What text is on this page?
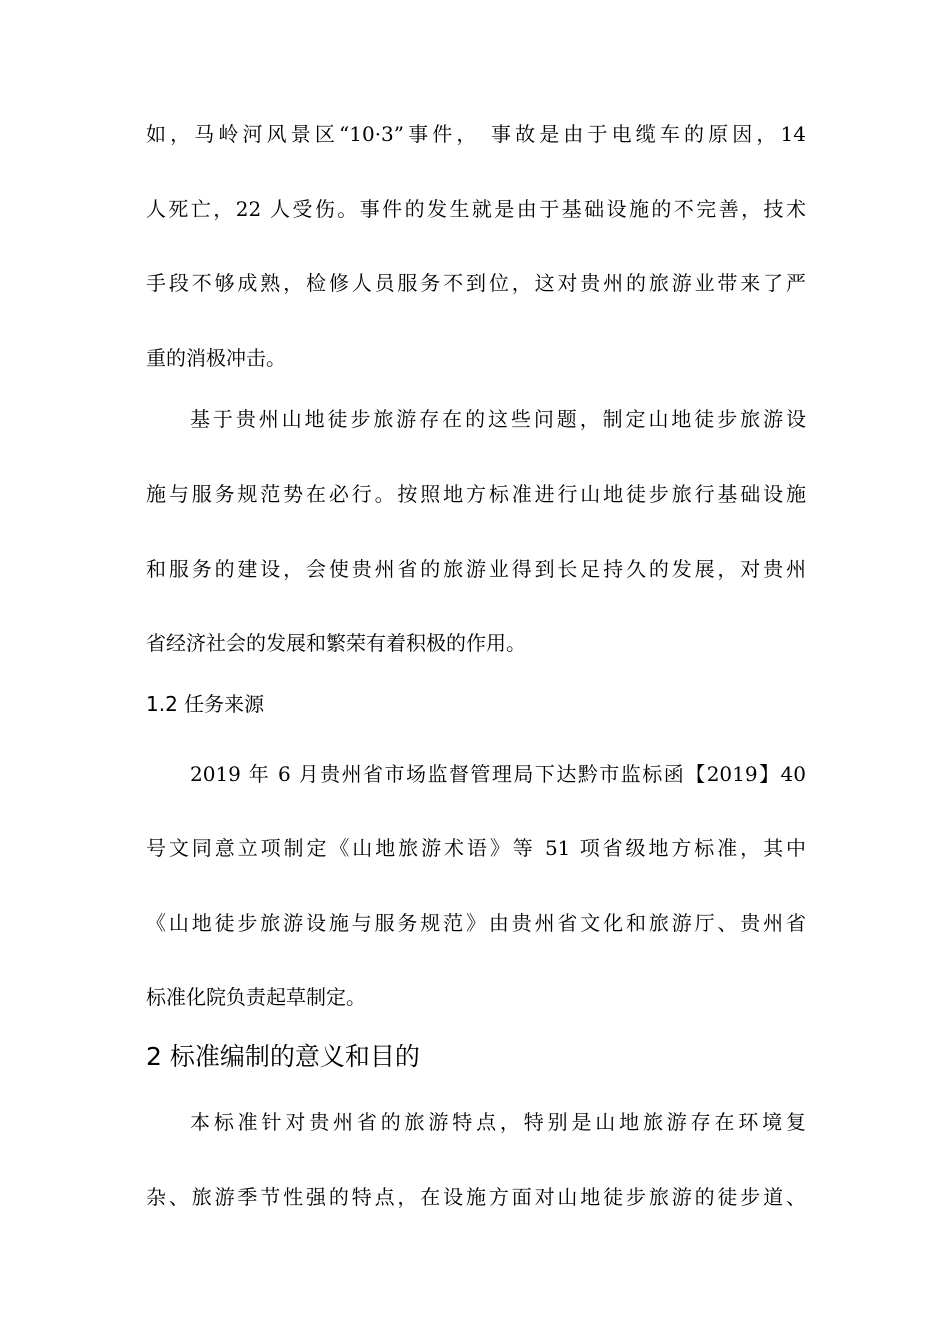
如，马岭河风景区“10·3”事件， 事故是由于电缆车的原因，14
人死亡，22 人受伤。事件的发生就是由于基础设施的不完善，技术
手段不够成熟，检修人员服务不到位，这对贵州的旅游业带来了严
重的消极冲击。
基于贵州山地徒步旅游存在的这些问题，制定山地徒步旅游设
施与服务规范势在必行。按照地方标准进行山地徒步旅行基础设施
和服务的建设，会使贵州省的旅游业得到长足持久的发展，对贵州
省经济社会的发展和繁荣有着积极的作用。
1.2 任务来源
2019 年 6 月贵州省市场监督管理局下达黔市监标函【2019】40
号文同意立项制定《山地旅游术语》等 51 项省级地方标准，其中
《山地徒步旅游设施与服务规范》由贵州省文化和旅游厅、贵州省
标准化院负责起草制定。
2 标准编制的意义和目的
本标准针对贵州省的旅游特点，特别是山地旅游存在环境复
杂、旅游季节性强的特点，在设施方面对山地徒步旅游的徒步道、
